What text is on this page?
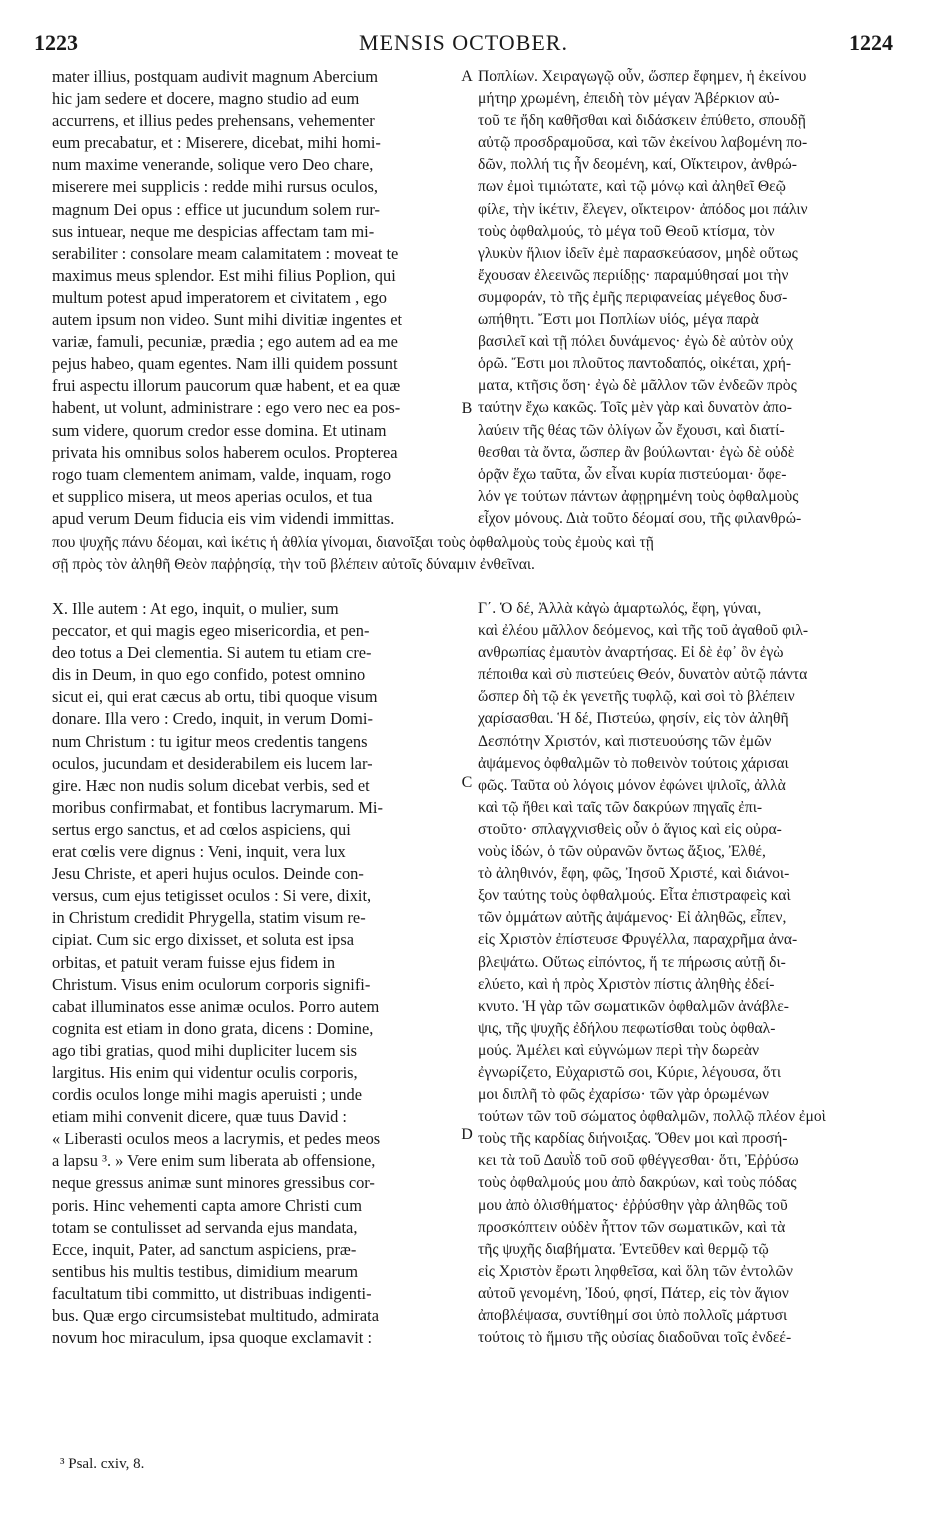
1223	MENSIS OCTOBER.	1224
mater illius, postquam audivit magnum Abercium
hic jam sedere et docere, magno studio ad eum
accurrens, et illius pedes prehensans, vehementer
eum precabatur, et : Miserere, dicebat, mihi homi-
num maxime venerande, solique vero Deo chare,
miserere mei supplicis : redde mihi rursus oculos,
magnum Dei opus : effice ut jucundum solem rur-
sus intuear, neque me despicias affectam tam mi-
serabiliter : consolare meam calamitatem : moveat te
maximus meus splendor. Est mihi filius Poplion, qui
multum potest apud imperatorem et civitatem , ego
autem ipsum non video. Sunt mihi divitiæ ingentes et
variæ, famuli, pecuniæ, prædia ; ego autem ad ea me
pejus habeo, quam egentes. Nam illi quidem possunt
frui aspectu illorum paucorum quæ habent, et ea quæ
habent, ut volunt, administrare : ego vero nec ea pos-
sum videre, quorum credor esse domina. Et utinam
privata his omnibus solos haberem oculos. Propterea
rogo tuam clementem animam, valde, inquam, rogo
et supplico misera, ut meos aperias oculos, et tua
apud verum Deum fiducia eis vim videndi immittas.
Ποπλίων. Χειραγωγῷ οὖν, ὥσπερ ἔφημεν, ἡ ἐκείνου
μήτηρ χρωμένη, ἐπειδὴ τὸν μέγαν Ἀβέρκιον αὐ-
τοῦ τε ἤδη καθῆσθαι καὶ διδάσκειν ἐπύθετο, σπουδῇ
αὐτῷ προσδραμοῦσα, καὶ τῶν ἐκείνου λαβομένη πο-
δῶν, πολλή τις ἦν δεομένη, καί, Οἴκτειρον, ἀνθρώ-
πων ἐμοὶ τιμιώτατε, καὶ τῷ μόνῳ καὶ ἀληθεῖ Θεῷ
φίλε, τὴν ἱκέτιν, ἔλεγεν, οἴκτειρον· ἀπόδος μοι πάλιν
τοὺς ὀφθαλμούς, τὸ μέγα τοῦ Θεοῦ κτίσμα, τὸν
γλυκὺν ἥλιον ἰδεῖν ἐμὲ παρασκεύασον, μηδὲ οὕτως
ἔχουσαν ἐλεεινῶς περιίδῃς· παραμύθησαί μοι τὴν
συμφοράν, τὸ τῆς ἐμῆς περιφανείας μέγεθος δυσ-
ωπήθητι. Ἔστι μοι Ποπλίων υἱός, μέγα παρὰ
βασιλεῖ καὶ τῇ πόλει δυνάμενος· ἐγὼ δὲ αὐτὸν οὐχ
ὁρῶ. Ἔστι μοι πλοῦτος παντοδαπός, οἰκέται, χρή-
ματα, κτῆσις ὅση· ἐγὼ δὲ μᾶλλον τῶν ἐνδεῶν πρὸς
ταύτην ἔχω κακῶς. Τοῖς μὲν γὰρ καὶ δυνατὸν ἀπο-
λαύειν τῆς θέας τῶν ὀλίγων ὧν ἔχουσι, καὶ διατί-
θεσθαι τὰ ὄντα, ὥσπερ ἂν βούλωνται· ἐγὼ δὲ οὐδὲ
ὁρᾷν ἔχω ταῦτα, ὧν εἶναι κυρία πιστεύομαι· ὄφε-
λόν γε τούτων πάντων ἀφῃρημένη τοὺς ὀφθαλμοὺς
εἶχον μόνους. Διὰ τοῦτο δέομαί σου, τῆς φιλανθρώ-
που ψυχῆς πάνυ δέομαι, καὶ ἱκέτις ἡ ἀθλία γίνομαι, διανοῖξαι τοὺς ὀφθαλμοὺς τοὺς ἐμοὺς καὶ τῇ
σῇ πρὸς τὸν ἀληθῆ Θεὸν παῤῥησίᾳ, τὴν τοῦ βλέπειν αὐτοῖς δύναμιν ἐνθεῖναι.
X. Ille autem : At ego, inquit, o mulier, sum
peccator, et qui magis egeo misericordia, et pen-
deo totus a Dei clementia. Si autem tu etiam cre-
dis in Deum, in quo ego confido, potest omnino
sicut ei, qui erat cæcus ab ortu, tibi quoque visum
donare. Illa vero : Credo, inquit, in verum Domi-
num Christum : tu igitur meos credentis tangens
oculos, jucundam et desiderabilem eis lucem lar-
gire. Hæc non nudis solum dicebat verbis, sed et
moribus confirmabat, et fontibus lacrymarum. Mi-
sertus ergo sanctus, et ad cœlos aspiciens, qui
erat cœlis vere dignus : Veni, inquit, vera lux
Jesu Christe, et aperi hujus oculos. Deinde con-
versus, cum ejus tetigisset oculos : Si vere, dixit,
in Christum credidit Phrygella, statim visum re-
cipiat. Cum sic ergo dixisset, et soluta est ipsa
orbitas, et patuit veram fuisse ejus fidem in
Christum. Visus enim oculorum corporis signifi-
cabat illuminatos esse animæ oculos. Porro autem
cognita est etiam in dono grata, dicens : Domine,
ago tibi gratias, quod mihi dupliciter lucem sis
largitus. His enim qui videntur oculis corporis,
cordis oculos longe mihi magis aperuisti ; unde
etiam mihi convenit dicere, quæ tuus David :
« Liberasti oculos meos a lacrymis, et pedes meos
a lapsu ³. » Vere enim sum liberata ab offensione,
neque gressus animæ sunt minores gressibus cor-
poris. Hinc vehementi capta amore Christi cum
totam se contulisset ad servanda ejus mandata,
Ecce, inquit, Pater, ad sanctum aspiciens, præ-
sentibus his multis testibus, dimidium mearum
facultatum tibi committo, ut distribuas indigenti-
bus. Quæ ergo circumsistebat multitudo, admirata
novum hoc miraculum, ipsa quoque exclamavit :
Γ΄. Ὁ δέ, Ἀλλὰ κἀγὼ ἁμαρτωλός, ἔφη, γύναι,
καὶ ἐλέου μᾶλλον δεόμενος, καὶ τῆς τοῦ ἀγαθοῦ φιλ-
ανθρωπίας ἐμαυτὸν ἀναρτήσας. Εἰ δὲ ἐφ᾽ ὃν ἐγὼ
πέποιθα καὶ σὺ πιστεύεις Θεόν, δυνατὸν αὐτῷ πάντα
ὥσπερ δὴ τῷ ἐκ γενετῆς τυφλῷ, καὶ σοὶ τὸ βλέπειν
χαρίσασθαι. Ἡ δέ, Πιστεύω, φησίν, εἰς τὸν ἀληθῆ
Δεσπότην Χριστόν, καὶ πιστευούσης τῶν ἐμῶν
ἀψάμενος ὀφθαλμῶν τὸ ποθεινὸν τούτοις χάρισαι
φῶς. Ταῦτα οὐ λόγοις μόνον ἐφώνει ψιλοῖς, ἀλλὰ
καὶ τῷ ἤθει καὶ ταῖς τῶν δακρύων πηγαῖς ἐπι-
στοῦτο· σπλαγχνισθεὶς οὖν ὁ ἅγιος καὶ εἰς οὐρα-
νοὺς ἰδών, ὁ τῶν οὐρανῶν ὄντως ἄξιος, Ἐλθέ,
τὸ ἀληθινόν, ἔφη, φῶς, Ἰησοῦ Χριστέ, καὶ διάνοι-
ξον ταύτης τοὺς ὀφθαλμούς. Εἶτα ἐπιστραφεὶς καὶ
τῶν ὀμμάτων αὐτῆς ἀψάμενος· Εἰ ἀληθῶς, εἶπεν,
εἰς Χριστὸν ἐπίστευσε Φρυγέλλα, παραχρῆμα ἀνα-
βλεψάτω. Οὕτως εἰπόντος, ἥ τε πήρωσις αὐτῇ δι-
ελύετο, καὶ ἡ πρὸς Χριστὸν πίστις ἀληθὴς ἐδεί-
κνυτο. Ἡ γὰρ τῶν σωματικῶν ὀφθαλμῶν ἀνάβλε-
ψις, τῆς ψυχῆς ἐδήλου πεφωτίσθαι τοὺς ὀφθαλ-
μούς. Ἀμέλει καὶ εὐγνώμων περὶ τὴν δωρεὰν
ἐγνωρίζετο, Εὐχαριστῶ σοι, Κύριε, λέγουσα, ὅτι
μοι διπλῆ τὸ φῶς ἐχαρίσω· τῶν γὰρ ὁρωμένων
τούτων τῶν τοῦ σώματος ὀφθαλμῶν, πολλῷ πλέον ἐμοὶ
τοὺς τῆς καρδίας διήνοιξας. Ὅθεν μοι καὶ προσή-
κει τὰ τοῦ Δαυῒδ τοῦ σοῦ φθέγγεσθαι· ὅτι, Ἐῤῥύσω
τοὺς ὀφθαλμούς μου ἀπὸ δακρύων, καὶ τοὺς πόδας
μου ἀπὸ ὀλισθήματος· ἐῤῥύσθην γὰρ ἀληθῶς τοῦ
προσκόπτειν οὐδὲν ἧττον τῶν σωματικῶν, καὶ τὰ
τῆς ψυχῆς διαβήματα. Ἐντεῦθεν καὶ θερμῷ τῷ
εἰς Χριστὸν ἔρωτι ληφθεῖσα, καὶ ὅλη τῶν ἐντολῶν
αὐτοῦ γενομένη, Ἰδού, φησί, Πάτερ, εἰς τὸν ἅγιον
ἀποβλέψασα, συντίθημί σοι ὑπὸ πολλοῖς μάρτυσι
τούτοις τὸ ἥμισυ τῆς οὐσίας διαδοῦναι τοῖς ἐνδεέ-
A
B
C
D
³ Psal. cxiv, 8.
